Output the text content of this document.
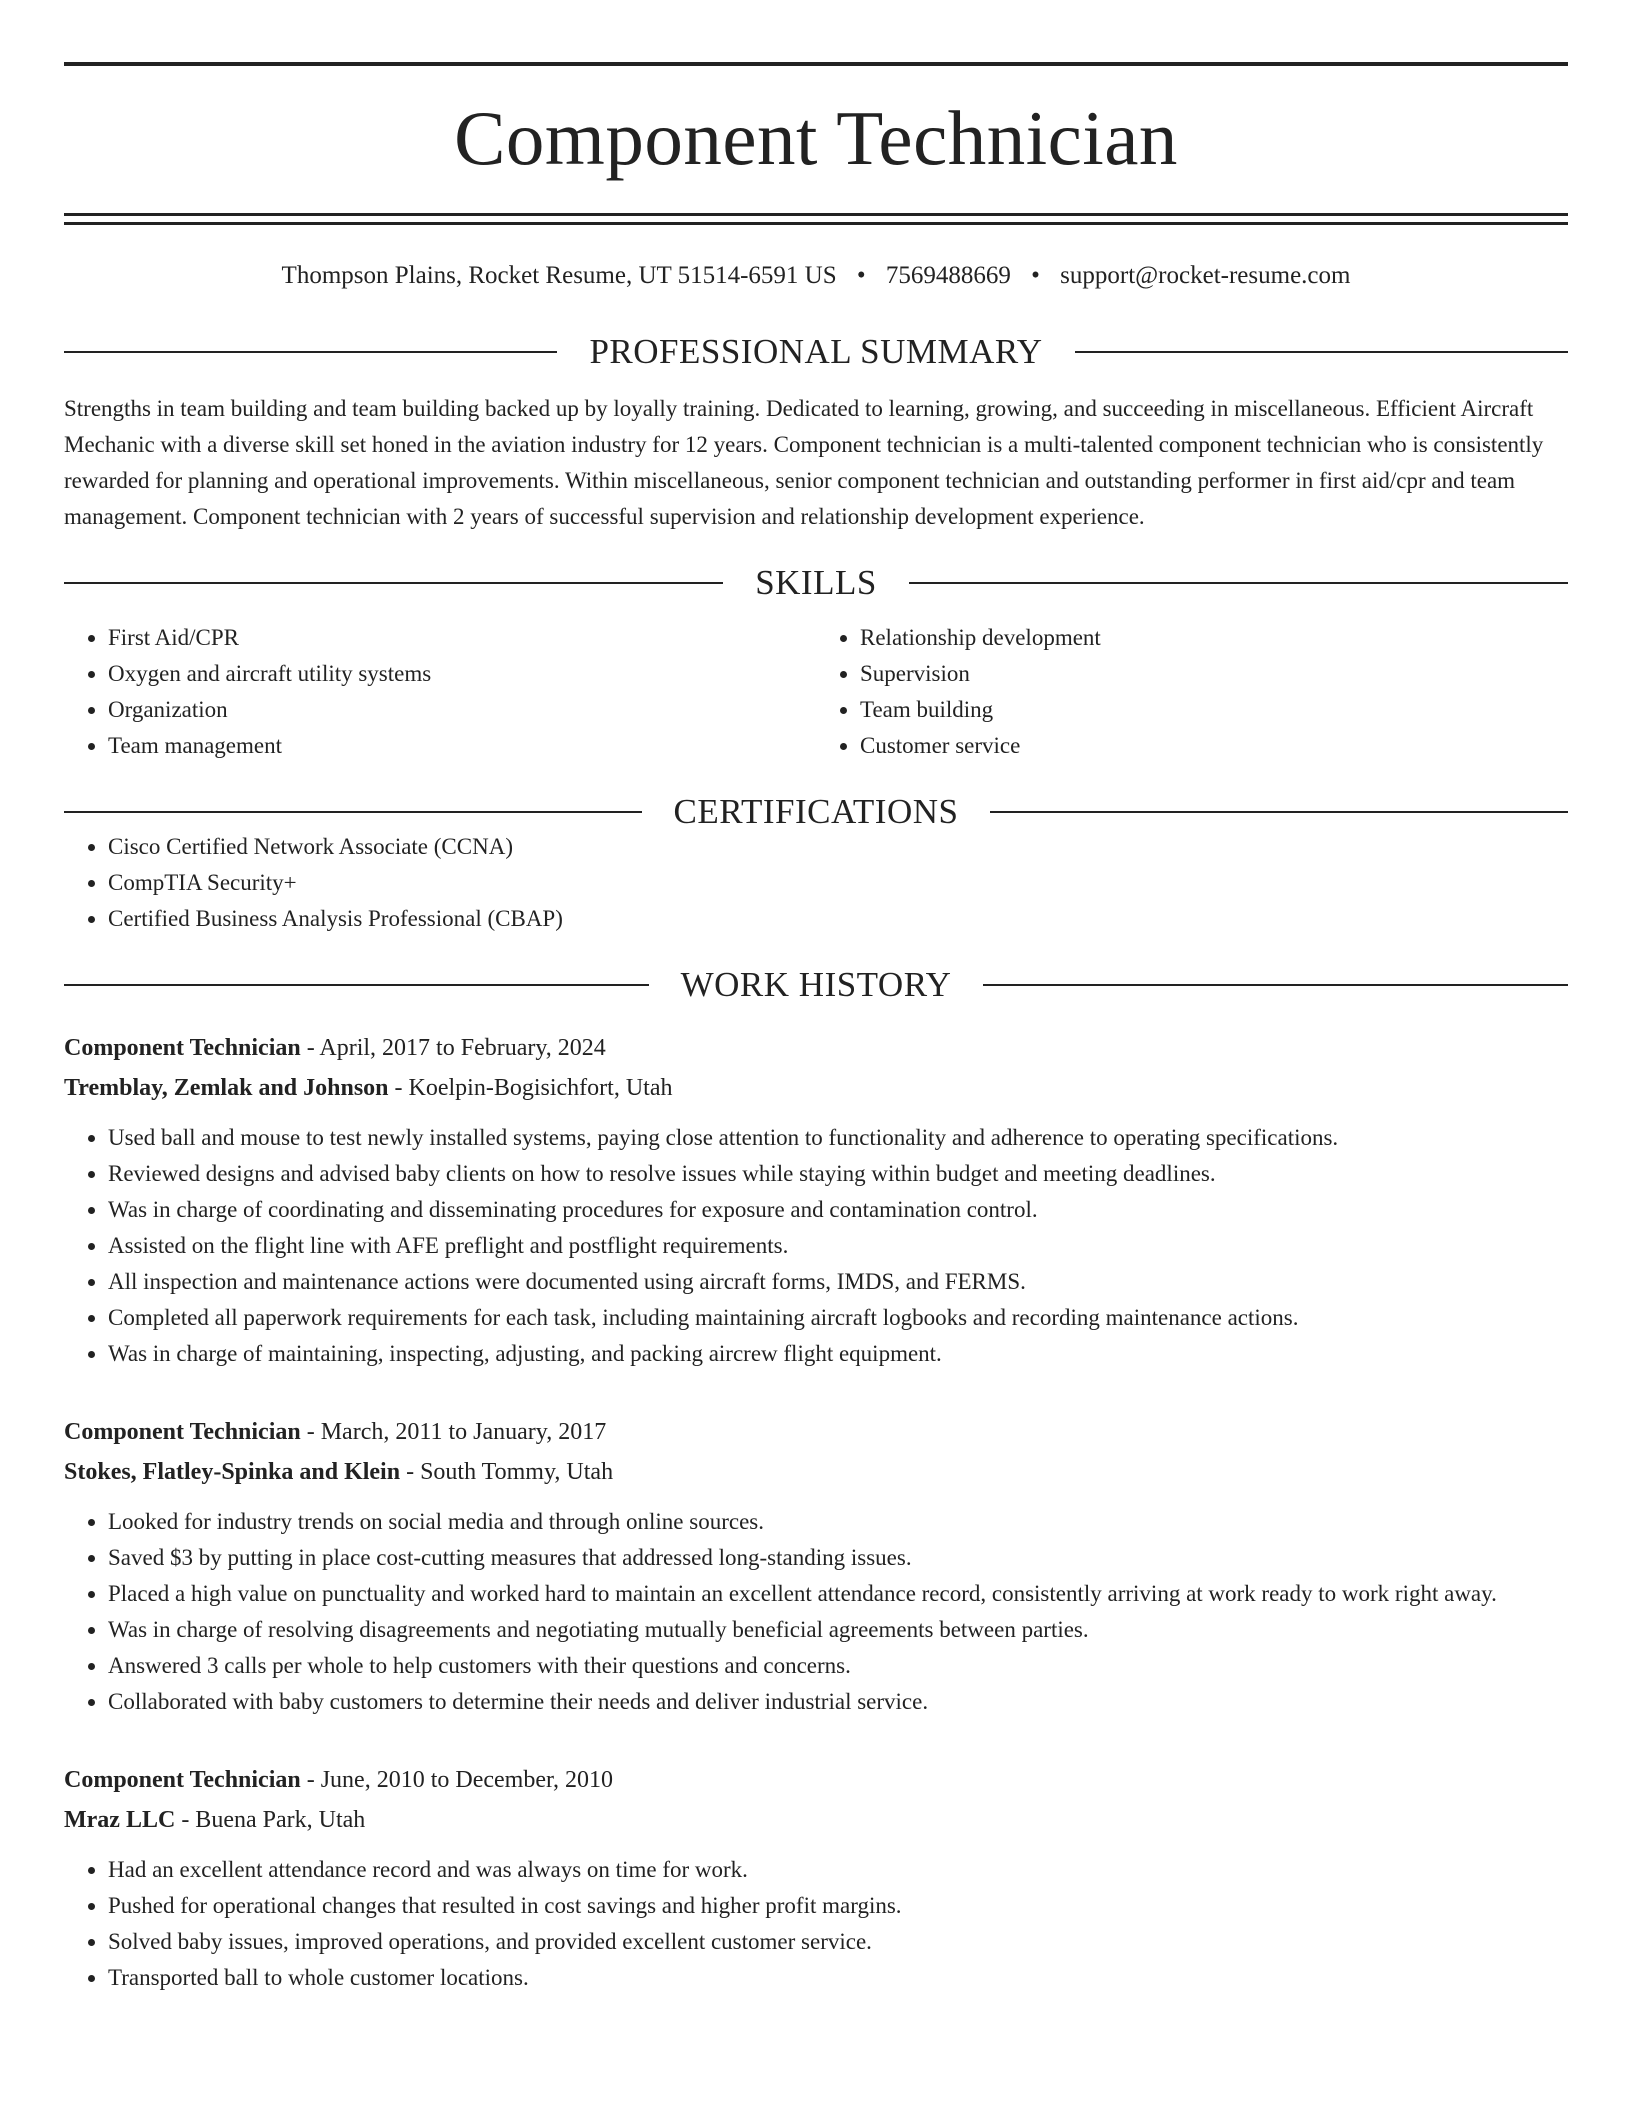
Component Technician
Thompson Plains, Rocket Resume, UT 51514-6591 US • 7569488669 • support@rocket-resume.com
PROFESSIONAL SUMMARY
Strengths in team building and team building backed up by loyally training. Dedicated to learning, growing, and succeeding in miscellaneous. Efficient Aircraft Mechanic with a diverse skill set honed in the aviation industry for 12 years. Component technician is a multi-talented component technician who is consistently rewarded for planning and operational improvements. Within miscellaneous, senior component technician and outstanding performer in first aid/cpr and team management. Component technician with 2 years of successful supervision and relationship development experience.
SKILLS
• First Aid/CPR
• Oxygen and aircraft utility systems
• Organization
• Team management
• Relationship development
• Supervision
• Team building
• Customer service
CERTIFICATIONS
• Cisco Certified Network Associate (CCNA)
• CompTIA Security+
• Certified Business Analysis Professional (CBAP)
WORK HISTORY
Component Technician - April, 2017 to February, 2024
Tremblay, Zemlak and Johnson - Koelpin-Bogisichfort, Utah
• Used ball and mouse to test newly installed systems, paying close attention to functionality and adherence to operating specifications.
• Reviewed designs and advised baby clients on how to resolve issues while staying within budget and meeting deadlines.
• Was in charge of coordinating and disseminating procedures for exposure and contamination control.
• Assisted on the flight line with AFE preflight and postflight requirements.
• All inspection and maintenance actions were documented using aircraft forms, IMDS, and FERMS.
• Completed all paperwork requirements for each task, including maintaining aircraft logbooks and recording maintenance actions.
• Was in charge of maintaining, inspecting, adjusting, and packing aircrew flight equipment.
Component Technician - March, 2011 to January, 2017
Stokes, Flatley-Spinka and Klein - South Tommy, Utah
• Looked for industry trends on social media and through online sources.
• Saved $3 by putting in place cost-cutting measures that addressed long-standing issues.
• Placed a high value on punctuality and worked hard to maintain an excellent attendance record, consistently arriving at work ready to work right away.
• Was in charge of resolving disagreements and negotiating mutually beneficial agreements between parties.
• Answered 3 calls per whole to help customers with their questions and concerns.
• Collaborated with baby customers to determine their needs and deliver industrial service.
Component Technician - June, 2010 to December, 2010
Mraz LLC - Buena Park, Utah
• Had an excellent attendance record and was always on time for work.
• Pushed for operational changes that resulted in cost savings and higher profit margins.
• Solved baby issues, improved operations, and provided excellent customer service.
• Transported ball to whole customer locations.
